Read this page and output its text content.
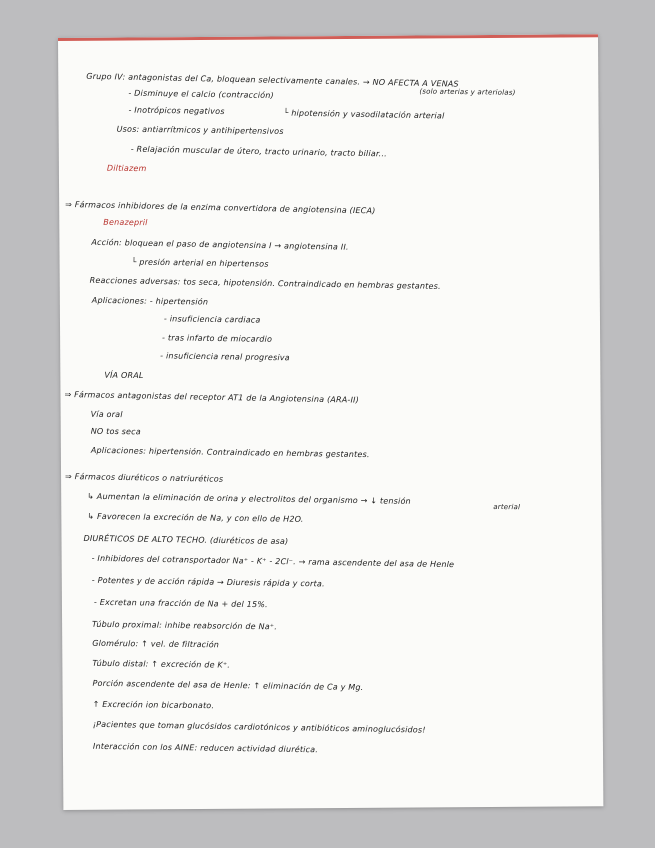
Grupo IV: antagonistas del Ca, bloquean selectivamente canales. → NO AFECTA A VENAS
(solo arterias y arteriolas)
- Disminuye el calcio (contracción)
- Inotrópicos negativos	└ hipotensión y vasodilatación arterial
Usos: antiarrítmicos y antihipertensivos
- Relajación muscular de útero, tracto urinario, tracto biliar...
Diltiazem
⇒ Fármacos inhibidores de la enzima convertidora de angiotensina (IECA)
Benazepril
Acción: bloquean el paso de angiotensina I → angiotensina II.
└ presión arterial en hipertensos
Reacciones adversas: tos seca, hipotensión. Contraindicado en hembras gestantes.
Aplicaciones: - hipertensión
- insuficiencia cardiaca
- tras infarto de miocardio
- insuficiencia renal progresiva
VÍA ORAL
⇒ Fármacos antagonistas del receptor AT1 de la Angiotensina (ARA-II)
Vía oral
NO tos seca
Aplicaciones: hipertensión. Contraindicado en hembras gestantes.
⇒ Fármacos diuréticos o natriuréticos
↳ Aumentan la eliminación de orina y electrolitos del organismo → ↓ tensión
arterial
↳ Favorecen la excreción de Na, y con ello de H2O.
DIURÉTICOS DE ALTO TECHO. (diuréticos de asa)
- Inhibidores del cotransportador Na⁺ - K⁺ - 2Cl⁻. → rama ascendente del asa de Henle
- Potentes y de acción rápida → Diuresis rápida y corta.
- Excretan una fracción de Na + del 15%.
Túbulo proximal: inhibe reabsorción de Na⁺.
Glomérulo: ↑ vel. de filtración
Túbulo distal: ↑ excreción de K⁺.
Porción ascendente del asa de Henle: ↑ eliminación de Ca y Mg.
↑ Excreción ion bicarbonato.
¡Pacientes que toman glucósidos cardiotónicos y antibióticos aminoglucósidos!
Interacción con los AINE: reducen actividad diurética.
